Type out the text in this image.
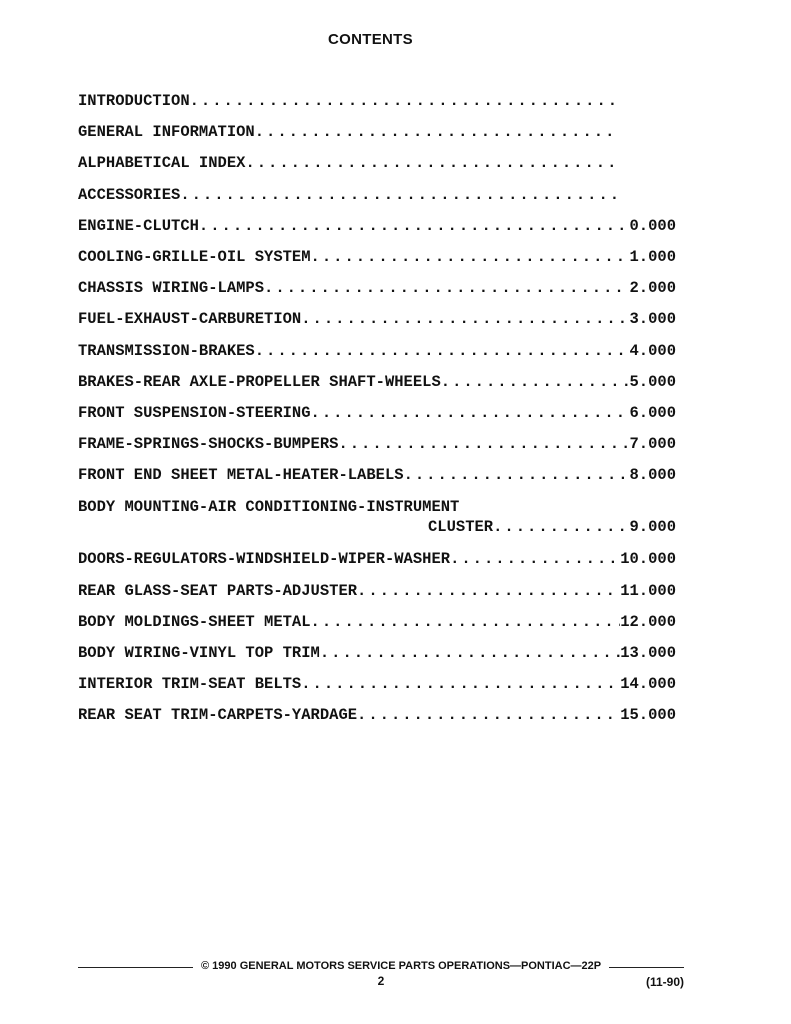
CONTENTS
INTRODUCTION
.....
GENERAL INFORMATION
.....
ALPHABETICAL INDEX
.....
ACCESSORIES
.....
ENGINE-CLUTCH .....	0.000
COOLING-GRILLE-OIL SYSTEM .....	1.000
CHASSIS WIRING-LAMPS .....	2.000
FUEL-EXHAUST-CARBURETION .....	3.000
TRANSMISSION-BRAKES .....	4.000
BRAKES-REAR AXLE-PROPELLER SHAFT-WHEELS .....	5.000
FRONT SUSPENSION-STEERING .....	6.000
FRAME-SPRINGS-SHOCKS-BUMPERS .....	7.000
FRONT END SHEET METAL-HEATER-LABELS .....	8.000
BODY MOUNTING-AIR CONDITIONING-INSTRUMENT
CLUSTER .....	9.000
DOORS-REGULATORS-WINDSHIELD-WIPER-WASHER .....	10.000
REAR GLASS-SEAT PARTS-ADJUSTER .....	11.000
BODY MOLDINGS-SHEET METAL .....	12.000
BODY WIRING-VINYL TOP TRIM .....	13.000
INTERIOR TRIM-SEAT BELTS .....	14.000
REAR SEAT TRIM-CARPETS-YARDAGE .....	15.000
© 1990 GENERAL MOTORS SERVICE PARTS OPERATIONS—PONTIAC—22P
2	(11-90)
